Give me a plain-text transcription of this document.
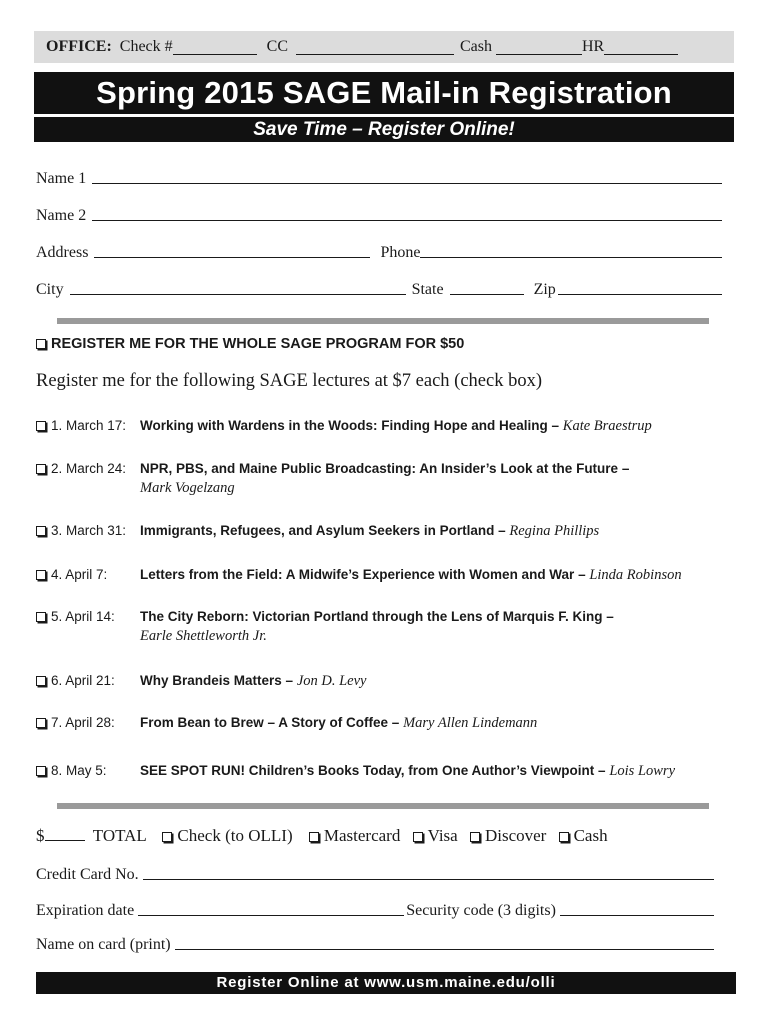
OFFICE: Check #	CC	Cash	HR
Spring 2015 SAGE Mail-in Registration
Save Time – Register Online!
Name 1
Name 2
Address	Phone
City	State	Zip
REGISTER ME FOR THE WHOLE SAGE PROGRAM FOR $50
Register me for the following SAGE lectures at $7 each (check box)
1. March 17: Working with Wardens in the Woods: Finding Hope and Healing – Kate Braestrup
2. March 24: NPR, PBS, and Maine Public Broadcasting: An Insider’s Look at the Future –
Mark Vogelzang
3. March 31: Immigrants, Refugees, and Asylum Seekers in Portland – Regina Phillips
4. April 7: Letters from the Field: A Midwife’s Experience with Women and War – Linda Robinson
5. April 14: The City Reborn: Victorian Portland through the Lens of Marquis F. King –
Earle Shettleworth Jr.
6. April 21: Why Brandeis Matters – Jon D. Levy
7. April 28: From Bean to Brew – A Story of Coffee – Mary Allen Lindemann
8. May 5: SEE SPOT RUN! Children’s Books Today, from One Author’s Viewpoint – Lois Lowry
$	TOTAL Check (to OLLI) Mastercard Visa Discover Cash
Credit Card No.
Expiration date	Security code (3 digits)
Name on card (print)
Register Online at www.usm.maine.edu/olli
